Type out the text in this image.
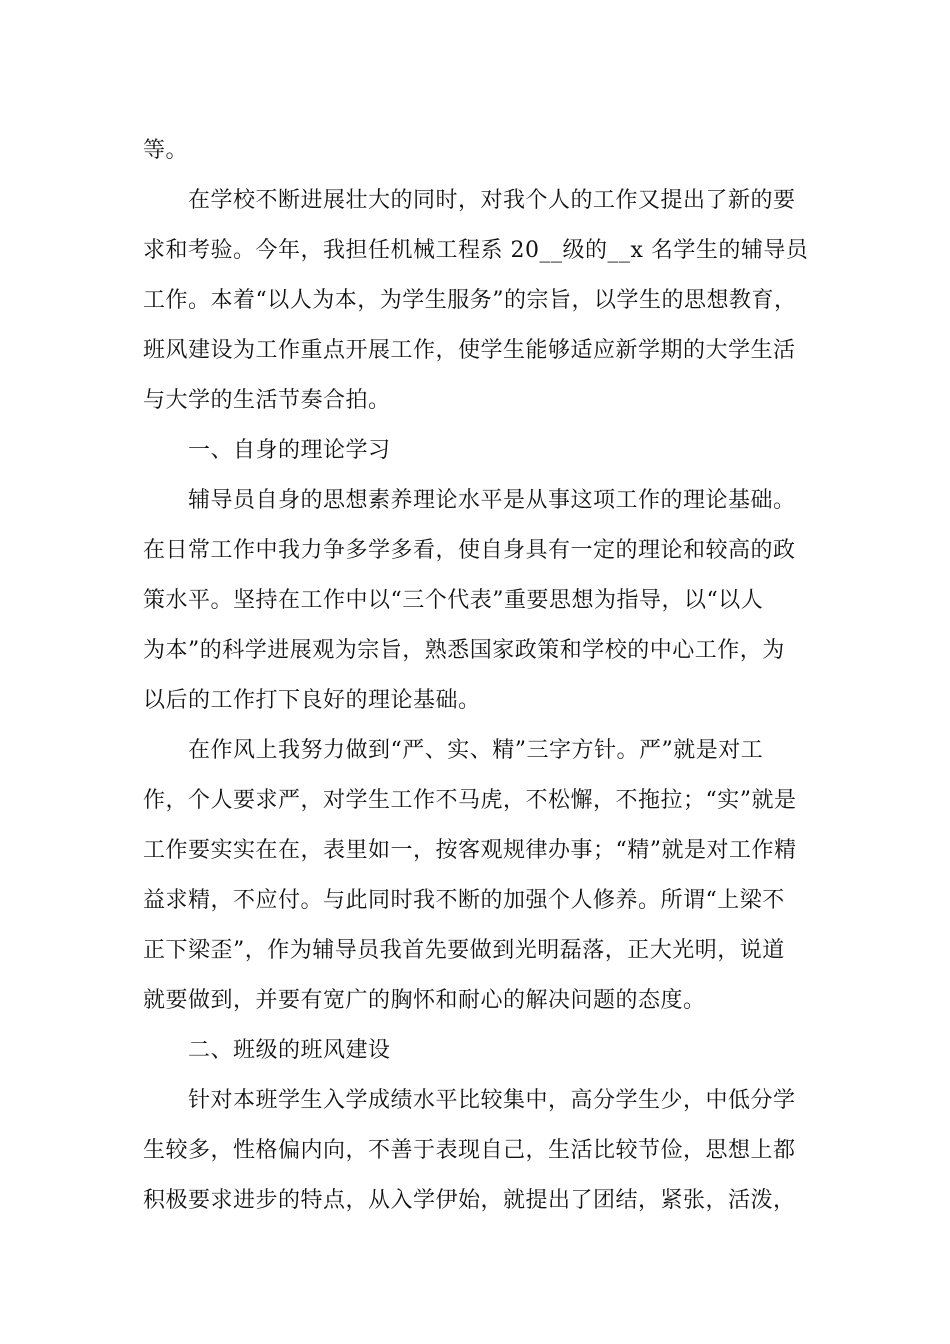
等。
在学校不断进展壮大的同时，对我个人的工作又提出了新的要
求和考验。今年，我担任机械工程系 20__级的__x 名学生的辅导员
工作。本着“以人为本，为学生服务”的宗旨，以学生的思想教育，
班风建设为工作重点开展工作，使学生能够适应新学期的大学生活
与大学的生活节奏合拍。
一、自身的理论学习
辅导员自身的思想素养理论水平是从事这项工作的理论基础。
在日常工作中我力争多学多看，使自身具有一定的理论和较高的政
策水平。坚持在工作中以“三个代表”重要思想为指导，以“以人
为本”的科学进展观为宗旨，熟悉国家政策和学校的中心工作，为
以后的工作打下良好的理论基础。
在作风上我努力做到“严、实、精”三字方针。严”就是对工
作，个人要求严，对学生工作不马虎，不松懈，不拖拉；“实”就是
工作要实实在在，表里如一，按客观规律办事；“精”就是对工作精
益求精，不应付。与此同时我不断的加强个人修养。所谓“上梁不
正下梁歪”，作为辅导员我首先要做到光明磊落，正大光明，说道
就要做到，并要有宽广的胸怀和耐心的解决问题的态度。
二、班级的班风建设
针对本班学生入学成绩水平比较集中，高分学生少，中低分学
生较多，性格偏内向，不善于表现自己，生活比较节俭，思想上都
积极要求进步的特点，从入学伊始，就提出了团结，紧张，活泼，
